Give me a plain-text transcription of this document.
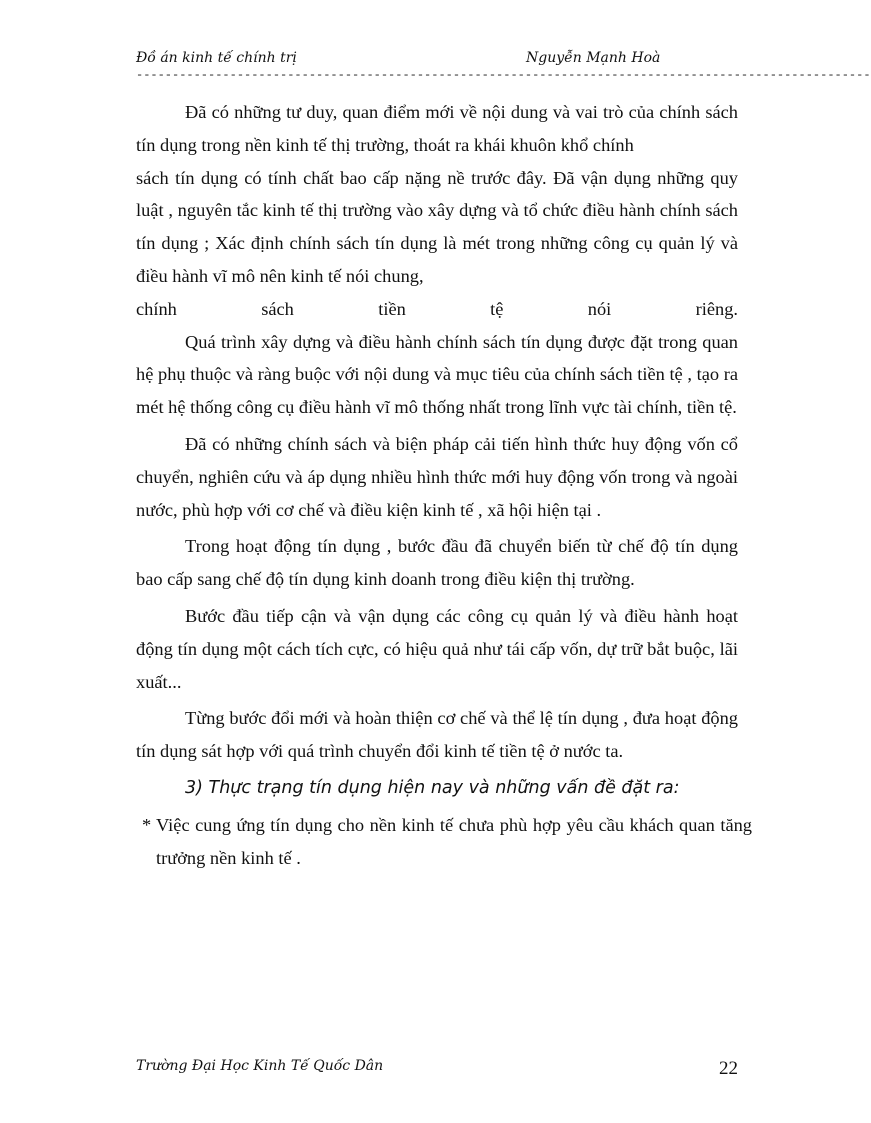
Đồ án kinh tế chính trị	Nguyễn Mạnh Hoà
------------------------------------------------------------------------------------------------------

Đã có những tư duy, quan điểm mới về nội dung và vai trò của chính sách tín dụng trong nền kinh tế thị trường, thoát ra khái khuôn khổ chính

sách tín dụng có tính chất bao cấp nặng nề trước đây. Đã vận dụng những quy luật , nguyên tắc kinh tế thị trường vào xây dựng và tổ chức điều hành chính sách tín dụng ; Xác định chính sách tín dụng là mét trong những công cụ quản lý và điều hành vĩ mô nên kinh tế nói chung,

chính sách tiền tệ nói riêng.

Quá trình xây dựng và điều hành chính sách tín dụng được đặt trong quan hệ phụ thuộc và ràng buộc với nội dung và mục tiêu của chính sách tiền tệ , tạo ra mét hệ thống công cụ điều hành vĩ mô thống nhất trong lĩnh vực tài chính, tiền tệ.

Đã có những chính sách và biện pháp cải tiến hình thức huy động vốn cổ chuyển, nghiên cứu và áp dụng nhiều hình thức mới huy động vốn trong và ngoài nước, phù hợp với cơ chế và điều kiện kinh tế , xã hội hiện tại .

Trong hoạt động tín dụng , bước đầu đã chuyển biến từ chế độ tín dụng bao cấp sang chế độ tín dụng kinh doanh trong điều kiện thị trường.

Bước đầu tiếp cận và vận dụng các công cụ quản lý và điều hành hoạt động tín dụng một cách tích cực, có hiệu quả như tái cấp vốn, dự trữ bắt buộc, lãi xuất...

Từng bước đổi mới và hoàn thiện cơ chế và thể lệ tín dụng , đưa hoạt động tín dụng sát hợp với quá trình chuyển đổi kinh tế tiền tệ ở nước ta.

3) Thực trạng tín dụng hiện nay và những vấn đề đặt ra:

* Việc cung ứng tín dụng cho nền kinh tế chưa phù hợp yêu cầu khách quan tăng trưởng nền kinh tế .

Trường Đại Học Kinh Tế Quốc Dân	22
